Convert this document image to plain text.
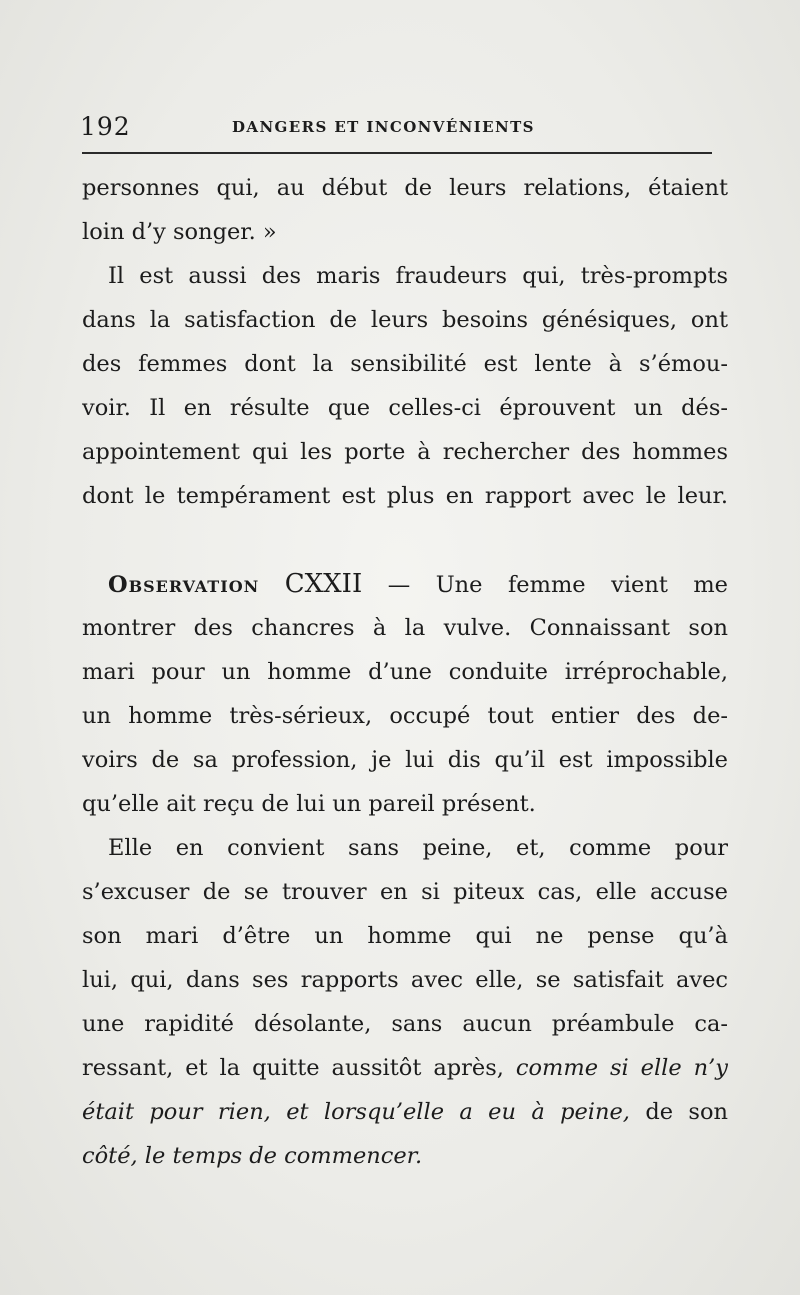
192	DANGERS ET INCONVÉNIENTS
personnes qui, au début de leurs relations, étaient
loin d’y songer. »
Il est aussi des maris fraudeurs qui, très-prompts
dans la satisfaction de leurs besoins génésiques, ont
des femmes dont la sensibilité est lente à s’émou-
voir. Il en résulte que celles-ci éprouvent un dés-
appointement qui les porte à rechercher des hommes
dont le tempérament est plus en rapport avec le leur.
Observation CXXII — Une femme vient me
montrer des chancres à la vulve. Connaissant son
mari pour un homme d’une conduite irréprochable,
un homme très-sérieux, occupé tout entier des de-
voirs de sa profession, je lui dis qu’il est impossible
qu’elle ait reçu de lui un pareil présent.
Elle en convient sans peine, et, comme pour
s’excuser de se trouver en si piteux cas, elle accuse
son mari d’être un homme qui ne pense qu’à
lui, qui, dans ses rapports avec elle, se satisfait avec
une rapidité désolante, sans aucun préambule ca-
ressant, et la quitte aussitôt après, comme si elle n’y
était pour rien, et lorsqu’elle a eu à peine, de son
côté, le temps de commencer.
